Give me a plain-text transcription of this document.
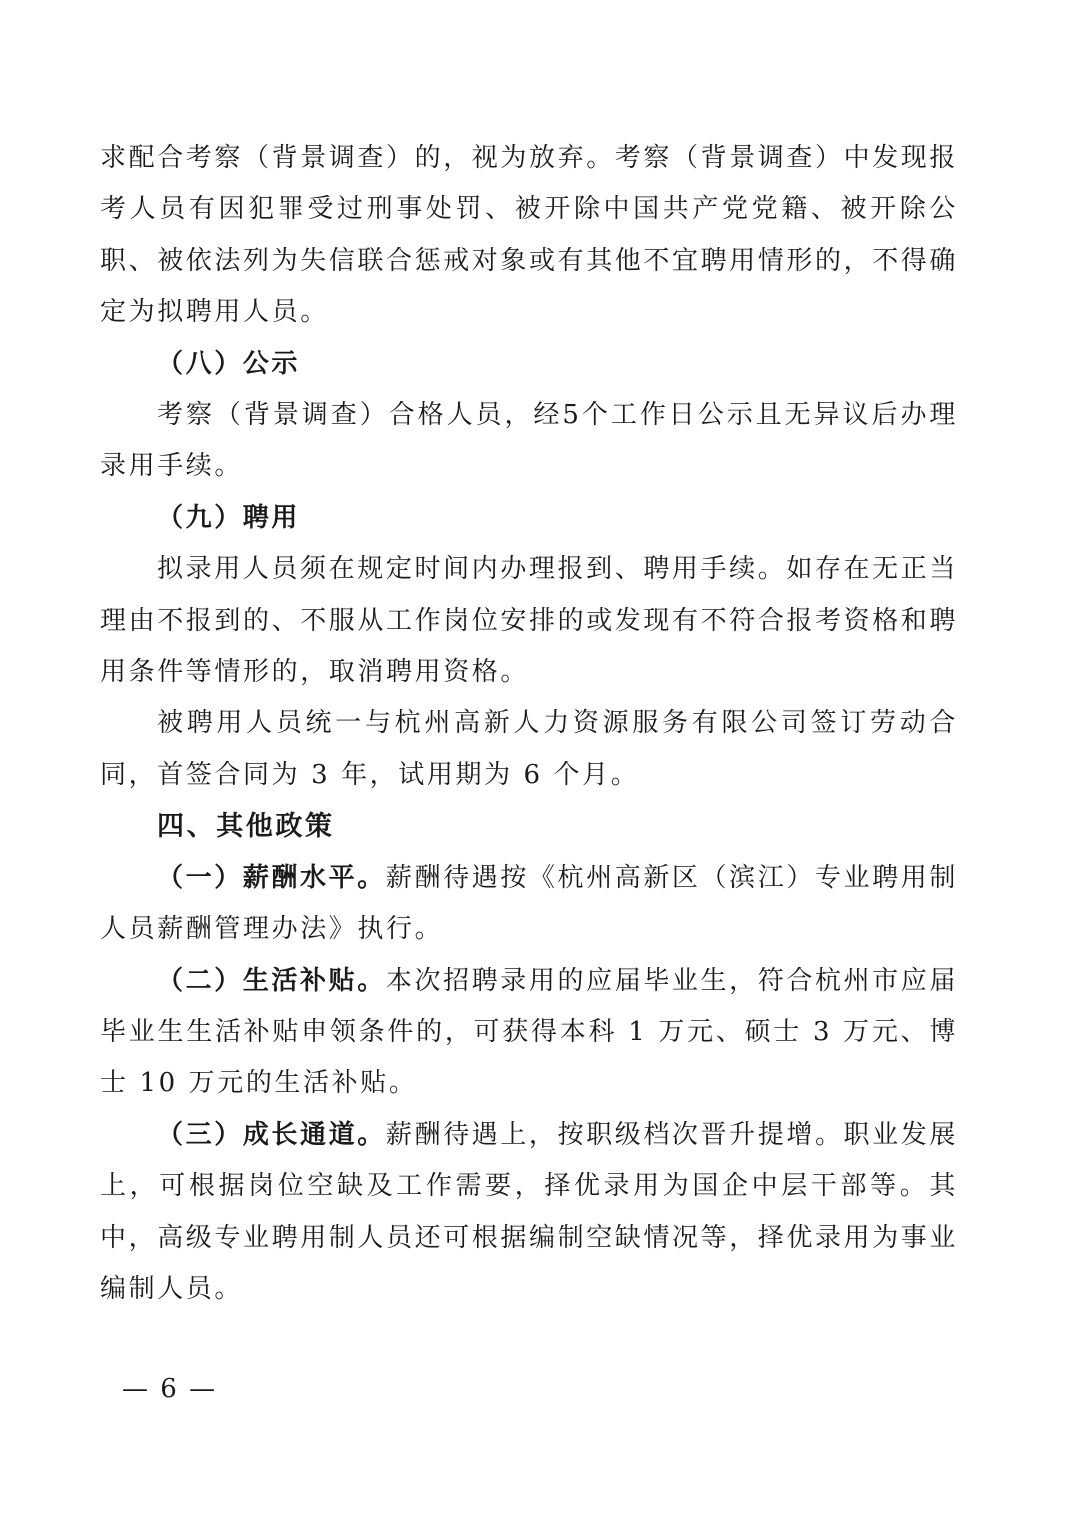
求配合考察（背景调查）的，视为放弃。考察（背景调查）中发现报考人员有因犯罪受过刑事处罚、被开除中国共产党党籍、被开除公职、被依法列为失信联合惩戒对象或有其他不宜聘用情形的，不得确定为拟聘用人员。

（八）公示

考察（背景调查）合格人员，经5个工作日公示且无异议后办理录用手续。

（九）聘用

拟录用人员须在规定时间内办理报到、聘用手续。如存在无正当理由不报到的、不服从工作岗位安排的或发现有不符合报考资格和聘用条件等情形的，取消聘用资格。

被聘用人员统一与杭州高新人力资源服务有限公司签订劳动合同，首签合同为 3 年，试用期为 6 个月。

四、其他政策

（一）薪酬水平。薪酬待遇按《杭州高新区（滨江）专业聘用制人员薪酬管理办法》执行。

（二）生活补贴。本次招聘录用的应届毕业生，符合杭州市应届毕业生生活补贴申领条件的，可获得本科 1 万元、硕士 3 万元、博士 10 万元的生活补贴。

（三）成长通道。薪酬待遇上，按职级档次晋升提增。职业发展上，可根据岗位空缺及工作需要，择优录用为国企中层干部等。其中，高级专业聘用制人员还可根据编制空缺情况等，择优录用为事业编制人员。

— 6 —
